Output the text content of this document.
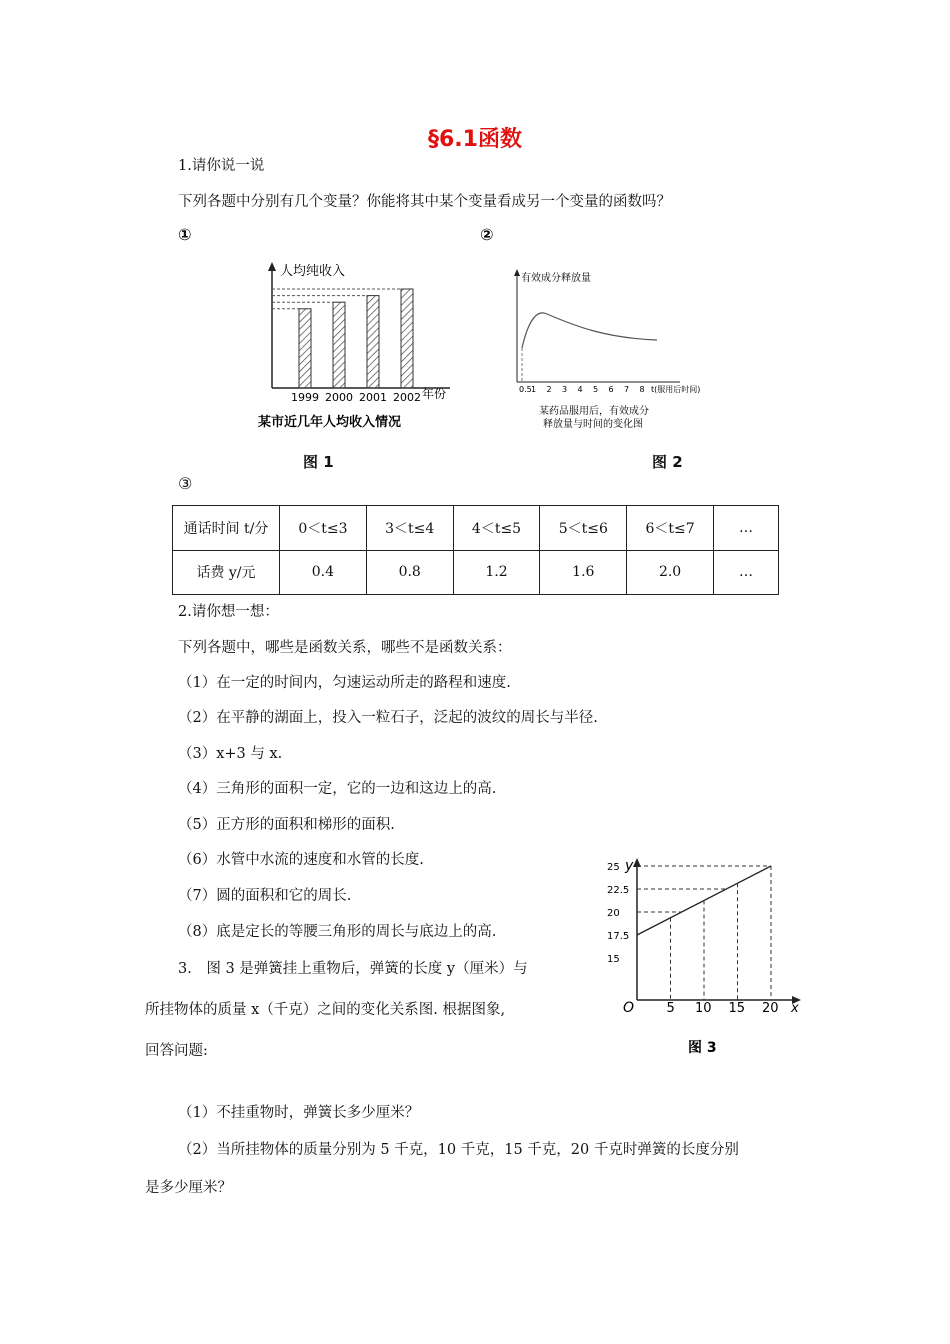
§6.1函数
1.请你说一说
下列各题中分别有几个变量？你能将其中某个变量看成另一个变量的函数吗？
①	②
人均纯收入
年份
1999 2000 2001 2002
某市近几年人均收入情况
图 1
有效成分释放量
0.5 1 2 3 4 5 6 7 8 t(服用后时间)
某药品服用后，有效成分
释放量与时间的变化图
图 2
③
通话时间 t/分	0＜t≤3	3＜t≤4	4＜t≤5	5＜t≤6	6＜t≤7	…
话费 y/元	0.4	0.8	1.2	1.6	2.0	…
2.请你想一想：
下列各题中，哪些是函数关系，哪些不是函数关系：
（1）在一定的时间内，匀速运动所走的路程和速度.
（2）在平静的湖面上，投入一粒石子，泛起的波纹的周长与半径.
（3）x+3 与 x.
（4）三角形的面积一定，它的一边和这边上的高.
（5）正方形的面积和梯形的面积.
（6）水管中水流的速度和水管的长度.
（7）圆的面积和它的周长.
（8）底是定长的等腰三角形的周长与底边上的高.
3.　图 3 是弹簧挂上重物后，弹簧的长度 y（厘米）与
所挂物体的质量 x（千克）之间的变化关系图. 根据图象,
回答问题:
y
x
O 5 10 15 20
15
17.5
20
22.5
25
图 3
（1）不挂重物时，弹簧长多少厘米？
（2）当所挂物体的质量分别为 5 千克，10 千克，15 千克，20 千克时弹簧的长度分别
是多少厘米？
